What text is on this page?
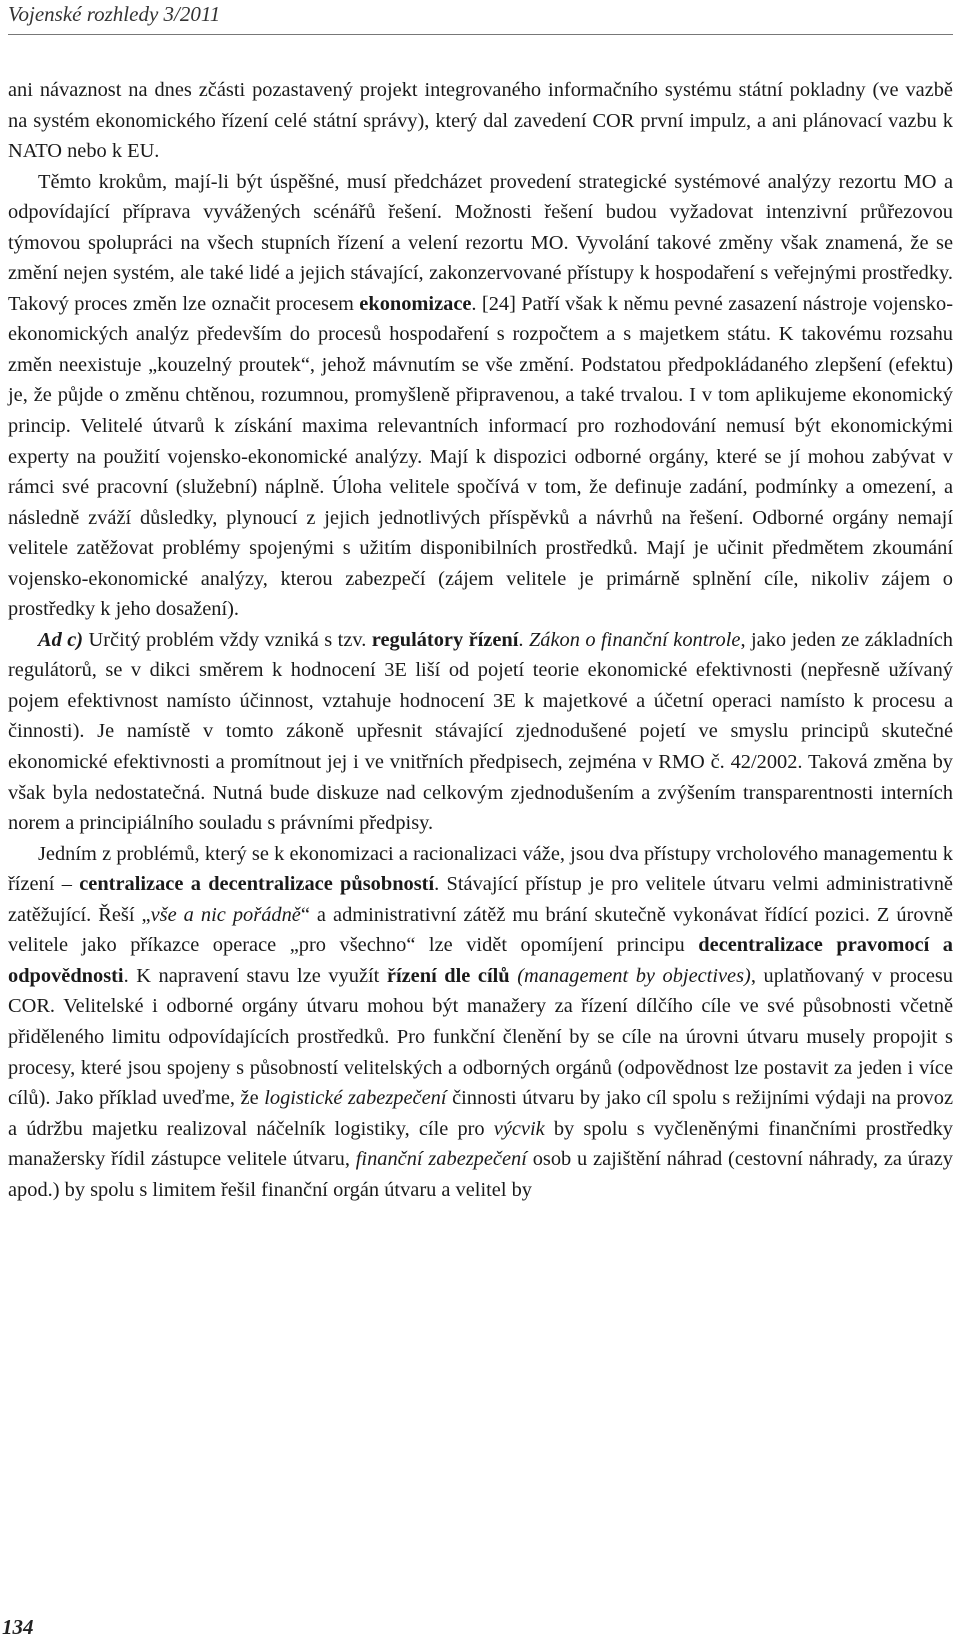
Vojenské rozhledy 3/2011

ani návaznost na dnes zčásti pozastavený projekt integrovaného informačního systému státní pokladny (ve vazbě na systém ekonomického řízení celé státní správy), který dal zavedení COR první impulz, a ani plánovací vazbu k NATO nebo k EU.

Těmto krokům, mají-li být úspěšné, musí předcházet provedení strategické systémové analýzy rezortu MO a odpovídající příprava vyvážených scénářů řešení. Možnosti řešení budou vyžadovat intenzivní průřezovou týmovou spolupráci na všech stupních řízení a velení rezortu MO. Vyvolání takové změny však znamená, že se změní nejen systém, ale také lidé a jejich stávající, zakonzervované přístupy k hospodaření s veřejnými prostředky. Takový proces změn lze označit procesem ekonomizace. [24] Patří však k němu pevné zasazení nástroje vojensko-ekonomických analýz především do procesů hospodaření s rozpočtem a s majetkem státu. K takovému rozsahu změn neexistuje „kouzelný proutek“, jehož mávnutím se vše změní. Podstatou předpokládaného zlepšení (efektu) je, že půjde o změnu chtěnou, rozumnou, promyšleně připravenou, a také trvalou. I v tom aplikujeme ekonomický princip. Velitelé útvarů k získání maxima relevantních informací pro rozhodování nemusí být ekonomickými experty na použití vojensko-ekonomické analýzy. Mají k dispozici odborné orgány, které se jí mohou zabývat v rámci své pracovní (služební) náplně. Úloha velitele spočívá v tom, že definuje zadání, podmínky a omezení, a následně zváží důsledky, plynoucí z jejich jednotlivých příspěvků a návrhů na řešení. Odborné orgány nemají velitele zatěžovat problémy spojenými s užitím disponibilních prostředků. Mají je učinit předmětem zkoumání vojensko-ekonomické analýzy, kterou zabezpečí (zájem velitele je primárně splnění cíle, nikoliv zájem o prostředky k jeho dosažení).

Ad c) Určitý problém vždy vzniká s tzv. regulátory řízení. Zákon o finanční kontrole, jako jeden ze základních regulátorů, se v dikci směrem k hodnocení 3E liší od pojetí teorie ekonomické efektivnosti (nepřesně užívaný pojem efektivnost namísto účinnost, vztahuje hodnocení 3E k majetkové a účetní operaci namísto k procesu a činnosti). Je namístě v tomto zákoně upřesnit stávající zjednodušené pojetí ve smyslu principů skutečné ekonomické efektivnosti a promítnout jej i ve vnitřních předpisech, zejména v RMO č. 42/2002. Taková změna by však byla nedostatečná. Nutná bude diskuze nad celkovým zjednodušením a zvýšením transparentnosti interních norem a principiálního souladu s právními předpisy.

Jedním z problémů, který se k ekonomizaci a racionalizaci váže, jsou dva přístupy vrcholového managementu k řízení – centralizace a decentralizace působností. Stávající přístup je pro velitele útvaru velmi administrativně zatěžující. Řeší „vše a nic pořádně“ a administrativní zátěž mu brání skutečně vykonávat řídící pozici. Z úrovně velitele jako příkazce operace „pro všechno“ lze vidět opomíjení principu decentralizace pravomocí a odpovědnosti. K napravení stavu lze využít řízení dle cílů (management by objectives), uplatňovaný v procesu COR. Velitelské i odborné orgány útvaru mohou být manažery za řízení dílčího cíle ve své působnosti včetně přiděleného limitu odpovídajících prostředků. Pro funkční členění by se cíle na úrovni útvaru musely propojit s procesy, které jsou spojeny s působností velitelských a odborných orgánů (odpovědnost lze postavit za jeden i více cílů). Jako příklad uveďme, že logistické zabezpečení činnosti útvaru by jako cíl spolu s režijními výdaji na provoz a údržbu majetku realizoval náčelník logistiky, cíle pro výcvik by spolu s vyčleněnými finančními prostředky manažersky řídil zástupce velitele útvaru, finanční zabezpečení osob u zajištění náhrad (cestovní náhrady, za úrazy apod.) by spolu s limitem řešil finanční orgán útvaru a velitel by

134
